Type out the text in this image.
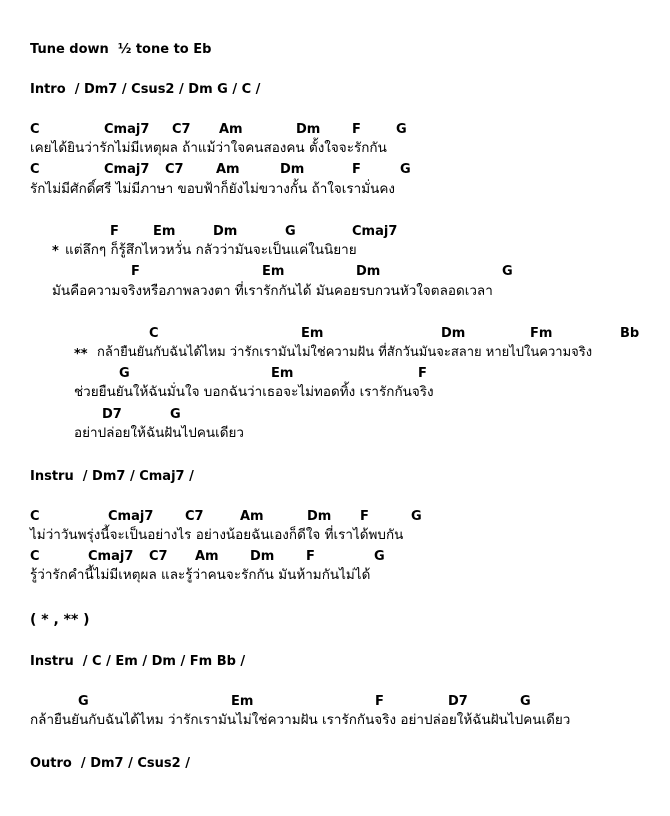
Tune down  ½ tone to Eb
Intro  / Dm7 / Csus2 / Dm G / C /

C

	Cmaj7

C7

Am

	Dm

F

	G

เคยได้ยินว่ารักไม่มีเหตุผล ถ้าแม้ว่าใจคนสองคน ตั้งใจจะรักกัน

C

	Cmaj7

C7

Am

	Dm

	F

	G

รักไม่มีศักดิ์ศรี ไม่มีภาษา ขอบฟ้าก็ยังไม่ขวางกั้น ถ้าใจเรามั่นคง

F

	Em

	Dm

	G

	Cmaj7

* แต่ลึกๆ ก็รู้สึกไหวหวั่น กลัวว่ามันจะเป็นแค่ในนิยาย

F

	Em

	Dm

	G

มันคือความจริงหรือภาพลวงตา ที่เรารักกันได้ มันคอยรบกวนหัวใจตลอดเวลา

C

	Em

	Dm

	Fm

	Bb

** กล้ายืนยันกับฉันได้ไหม ว่ารักเรามันไม่ใช่ความฝัน ที่สักวันมันจะสลาย หายไปในความจริง

G

	Em

	F

ช่วยยืนยันให้ฉันมั่นใจ บอกฉันว่าเธอจะไม่ทอดทิ้ง เรารักกันจริง

D7

	G

อย่าปล่อยให้ฉันฝันไปคนเดียว
Instru  / Dm7 / Cmaj7 /

C

	Cmaj7

C7

	Am

	Dm

F

	G

ไม่ว่าวันพรุ่งนี้จะเป็นอย่างไร อย่างน้อยฉันเองก็ดีใจ ที่เราได้พบกัน

C

	Cmaj7

C7

Am

Dm

F

	G

รู้ว่ารักคำนี้ไม่มีเหตุผล และรู้ว่าคนจะรักกัน มันห้ามกันไม่ได้
( * , ** )
Instru  / C / Em / Dm / Fm Bb /

G

	Em

	F

	D7

	G

กล้ายืนยันกับฉันได้ไหม ว่ารักเรามันไม่ใช่ความฝัน เรารักกันจริง อย่าปล่อยให้ฉันฝันไปคนเดียว
Outro  / Dm7 / Csus2 /
